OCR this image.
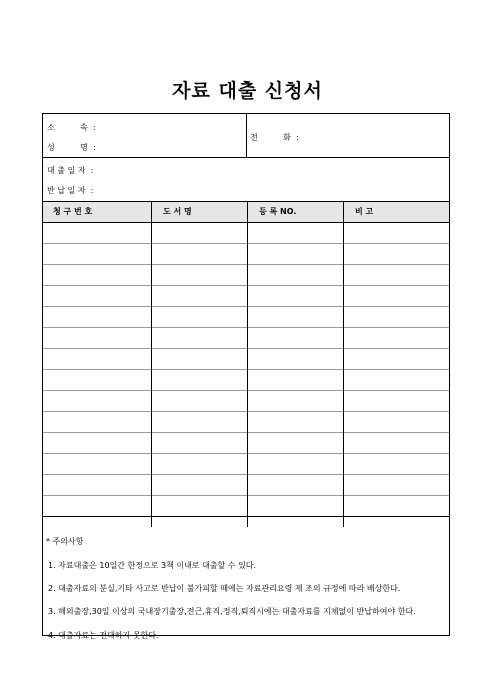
자료 대출 신청서
소          속  :
성          명  :
전          화  :
대 출 일 자  :
반 납 일 자  :
청 구 번 호	도 서 명	등 록 NO.	비 고
* 주의사항
1. 자료대출은 10일간 한정으로 3책 이내로 대출할 수 있다.
2. 대출자료의 분실,기타 사고로 반납이 불가피할 때에는 자료관리요령 제 조의 규정에 따라 배상한다.
3. 해외출장,30일 이상의 국내장기출장,전근,휴직,정직,퇴직시에는 대출자료를 지체없이 반납하여야 한다.
4. 대출자료는 전대하지 못한다.
